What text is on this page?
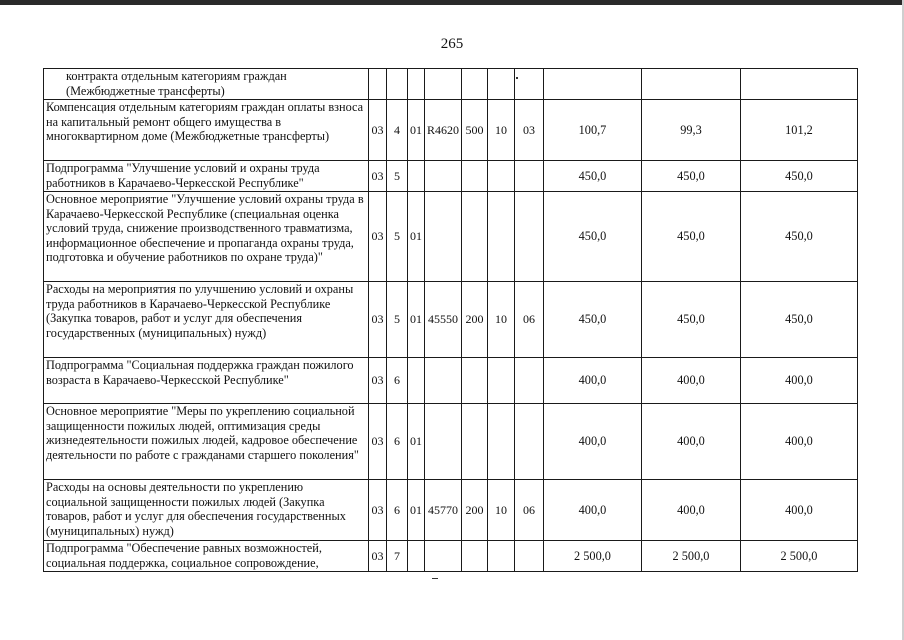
265
контракта отдельным категориям граждан (Межбюджетные трансферты)										
Компенсация отдельным категориям граждан оплаты взноса на капитальный ремонт общего имущества в многоквартирном доме (Межбюджетные трансферты)	03	4	01	R4620	500	10	03	100,7	99,3	101,2
Подпрограмма "Улучшение условий и охраны труда работников в Карачаево-Черкесской Республике"	03	5						450,0	450,0	450,0
Основное мероприятие "Улучшение условий охраны труда в Карачаево-Черкесской Республике (специальная оценка условий труда, снижение производственного травматизма, информационное обеспечение и пропаганда охраны труда, подготовка и обучение работников по охране труда)"	03	5	01					450,0	450,0	450,0
Расходы на мероприятия по улучшению условий и охраны труда работников в Карачаево-Черкесской Республике (Закупка товаров, работ и услуг для обеспечения государственных (муниципальных) нужд)	03	5	01	45550	200	10	06	450,0	450,0	450,0
Подпрограмма "Социальная поддержка граждан пожилого возраста в Карачаево-Черкесской Республике"	03	6						400,0	400,0	400,0
Основное мероприятие "Меры по укреплению социальной защищенности пожилых людей, оптимизация среды жизнедеятельности пожилых людей, кадровое обеспечение деятельности по работе с гражданами старшего поколения"	03	6	01					400,0	400,0	400,0
Расходы на основы деятельности по укреплению социальной защищенности пожилых людей (Закупка товаров, работ и услуг для обеспечения государственных (муниципальных) нужд)	03	6	01	45770	200	10	06	400,0	400,0	400,0
Подпрограмма "Обеспечение равных возможностей, социальная поддержка, социальное сопровождение,	03	7						2 500,0	2 500,0	2 500,0
